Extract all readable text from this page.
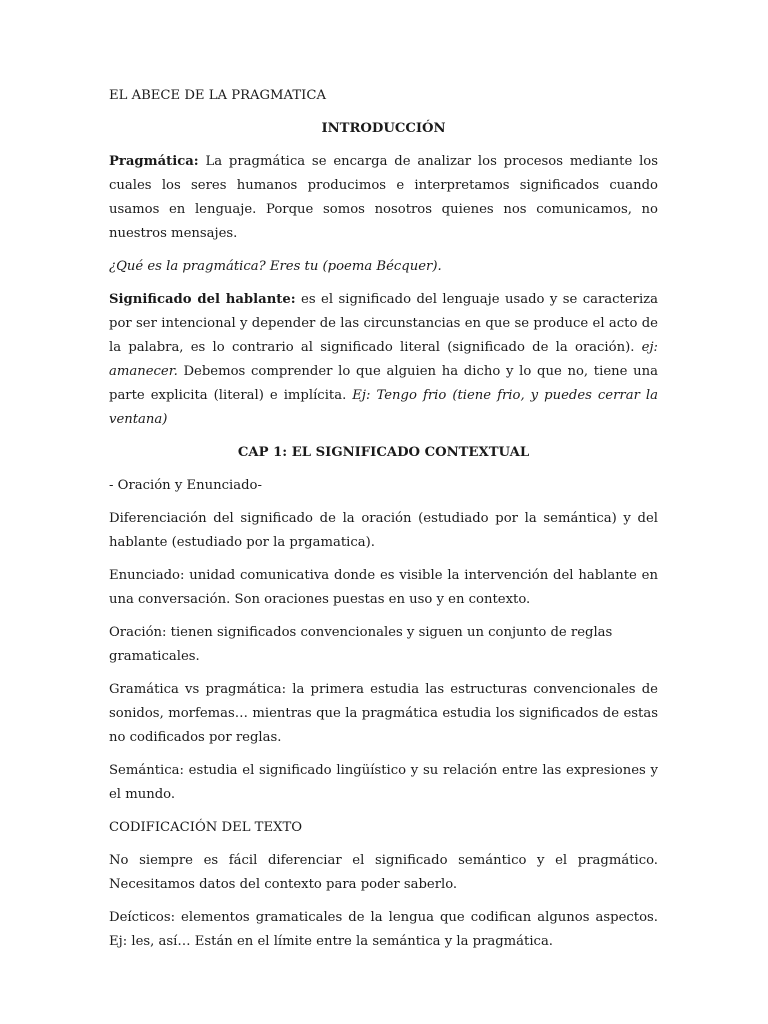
EL ABECE DE LA PRAGMATICA

INTRODUCCIÓN

Pragmática: La pragmática se encarga de analizar los procesos mediante los cuales los seres humanos producimos e interpretamos significados cuando usamos en lenguaje. Porque somos nosotros quienes nos comunicamos, no nuestros mensajes.

¿Qué es la pragmática? Eres tu (poema Bécquer).

Significado del hablante: es el significado del lenguaje usado y se caracteriza por ser intencional y depender de las circunstancias en que se produce el acto de la palabra, es lo contrario al significado literal (significado de la oración). ej: amanecer. Debemos comprender lo que alguien ha dicho y lo que no, tiene una parte explicita (literal) e implícita. Ej: Tengo frio (tiene frio, y puedes cerrar la ventana)

CAP 1: EL SIGNIFICADO CONTEXTUAL

- Oración y Enunciado-

Diferenciación del significado de la oración (estudiado por la semántica) y del hablante (estudiado por la prgamatica).

Enunciado: unidad comunicativa donde es visible la intervención del hablante en una conversación. Son oraciones puestas en uso y en contexto.

Oración: tienen significados convencionales y siguen un conjunto de reglas gramaticales.

Gramática vs pragmática: la primera estudia las estructuras convencionales de sonidos, morfemas… mientras que la pragmática estudia los significados de estas no codificados por reglas.

Semántica: estudia el significado lingüístico y su relación entre las expresiones y el mundo.

CODIFICACIÓN DEL TEXTO

No siempre es fácil diferenciar el significado semántico y el pragmático. Necesitamos datos del contexto para poder saberlo.

Deícticos: elementos gramaticales de la lengua que codifican algunos aspectos. Ej: les, así… Están en el límite entre la semántica y la pragmática.
